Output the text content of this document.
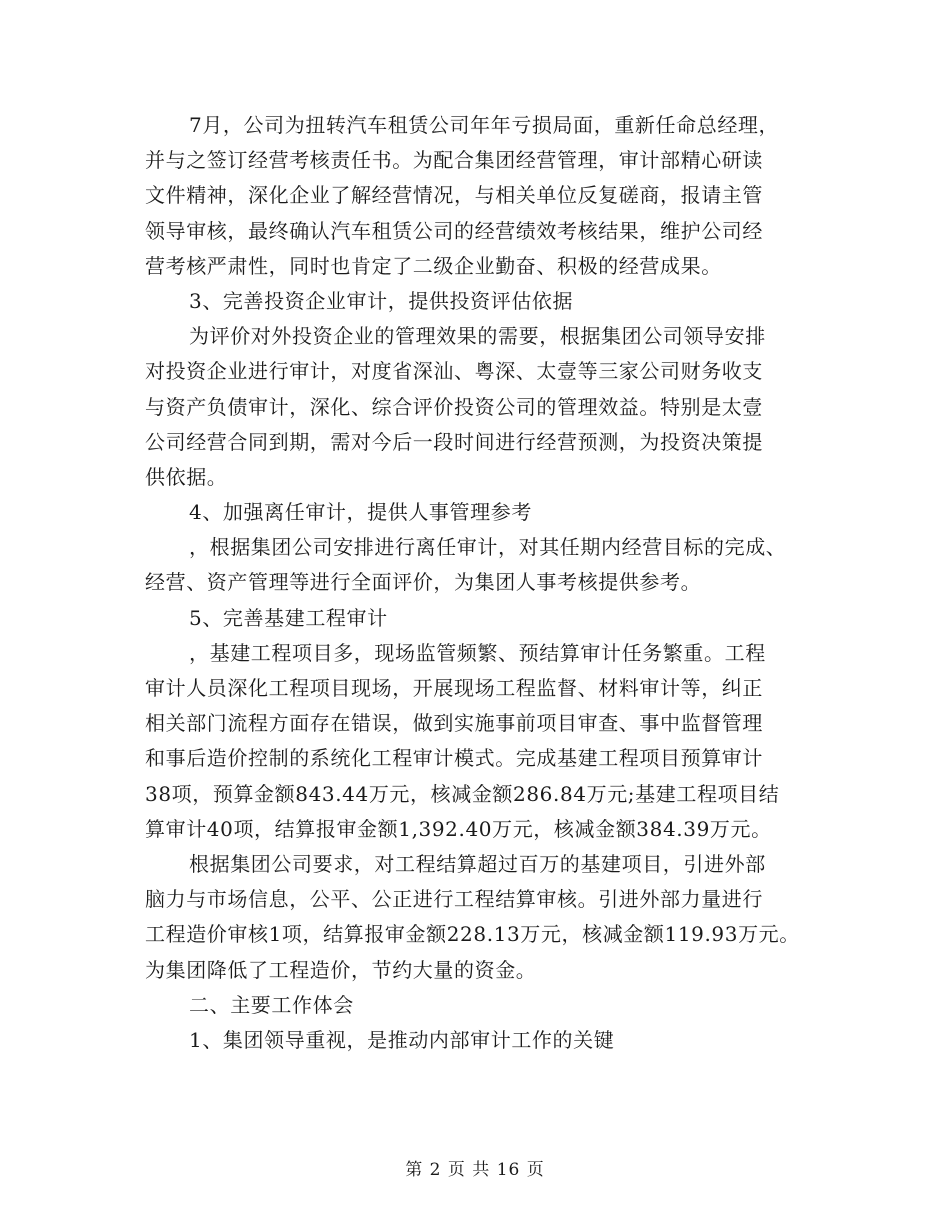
7月，公司为扭转汽车租赁公司年年亏损局面，重新任命总经理，
并与之签订经营考核责任书。为配合集团经营管理，审计部精心研读
文件精神，深化企业了解经营情况，与相关单位反复磋商，报请主管
领导审核，最终确认汽车租赁公司的经营绩效考核结果，维护公司经
营考核严肃性，同时也肯定了二级企业勤奋、积极的经营成果。
3、完善投资企业审计，提供投资评估依据
为评价对外投资企业的管理效果的需要，根据集团公司领导安排
对投资企业进行审计，对度省深汕、粤深、太壹等三家公司财务收支
与资产负债审计，深化、综合评价投资公司的管理效益。特别是太壹
公司经营合同到期，需对今后一段时间进行经营预测，为投资决策提
供依据。
4、加强离任审计，提供人事管理参考
，根据集团公司安排进行离任审计，对其任期内经营目标的完成、
经营、资产管理等进行全面评价，为集团人事考核提供参考。
5、完善基建工程审计
，基建工程项目多，现场监管频繁、预结算审计任务繁重。工程
审计人员深化工程项目现场，开展现场工程监督、材料审计等，纠正
相关部门流程方面存在错误，做到实施事前项目审查、事中监督管理
和事后造价控制的系统化工程审计模式。完成基建工程项目预算审计
38项，预算金额843.44万元，核减金额286.84万元;基建工程项目结
算审计40项，结算报审金额1,392.40万元，核减金额384.39万元。
根据集团公司要求，对工程结算超过百万的基建项目，引进外部
脑力与市场信息，公平、公正进行工程结算审核。引进外部力量进行
工程造价审核1项，结算报审金额228.13万元，核减金额119.93万元。
为集团降低了工程造价，节约大量的资金。
二、主要工作体会
1、集团领导重视，是推动内部审计工作的关键
第 2 页 共 16 页
